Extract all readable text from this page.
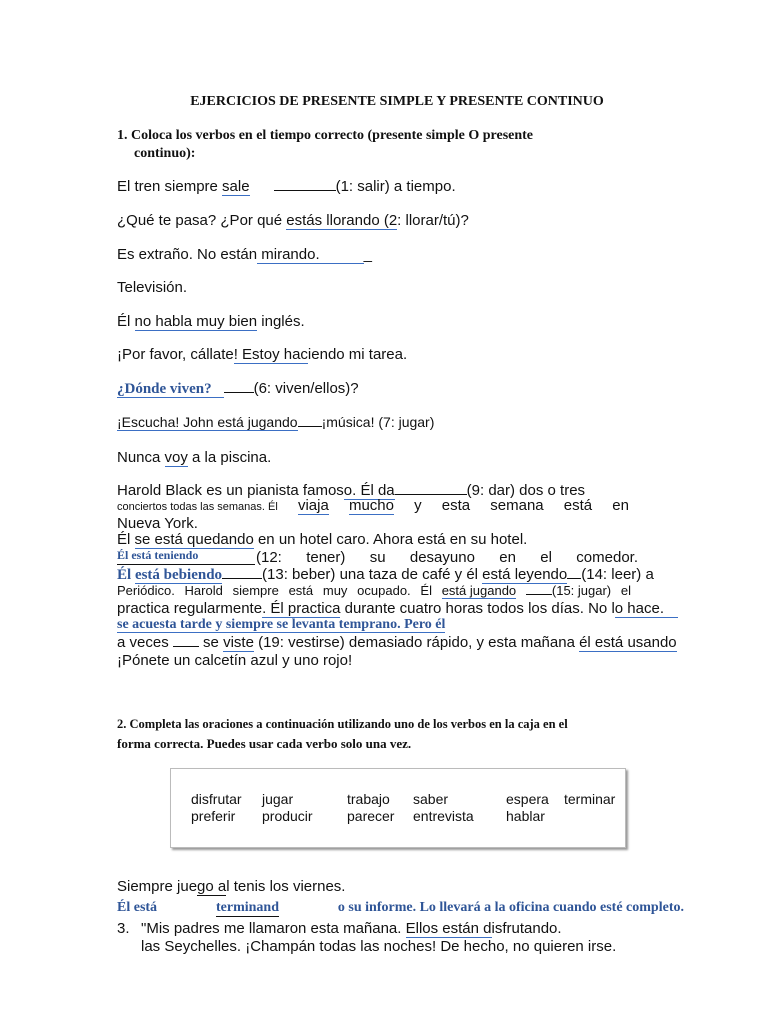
EJERCICIOS DE PRESENTE SIMPLE Y PRESENTE CONTINUO
1. Coloca los verbos en el tiempo correcto (presente simple O presente
continuo):
El tren siempre sale	(1: salir) a tiempo.
¿Qué te pasa? ¿Por qué estás llorando (2: llorar/tú)?
Es extraño. No están mirando.	_
Televisión.
Él no habla muy bien inglés.
¡Por favor, cállate! Estoy haciendo mi tarea.
¿Dónde viven?	(6: viven/ellos)?
¡Escucha! John está jugando ¡música! (7: jugar)
Nunca voy a la piscina.
Harold Black es un pianista famoso. Él da	(9: dar) dos o tres
conciertos todas las semanas. Él viaja mucho y esta semana está en
Nueva York.
Él se está quedando en un hotel caro. Ahora está en su hotel.
Él está teniendo	(12: tener) su desayuno en el comedor.
Él está bebiendo	(13: beber) una taza de café y él está leyendo (14: leer) a
Periódico. Harold siempre está muy ocupado. Él está jugando	(15: jugar) el
practica regularmente. Él practica durante cuatro horas todos los días. No lo hace.
se acuesta tarde y siempre se levanta temprano. Pero él
a veces  se viste (19: vestirse) demasiado rápido, y esta mañana él está usando
¡Pónete un calcetín azul y uno rojo!
2. Completa las oraciones a continuación utilizando uno de los verbos en la caja en el
forma correcta. Puedes usar cada verbo solo una vez.
disfrutar jugar	trabajo saber	espera terminar
preferir producir parecer entrevista hablar
Siempre juego al tenis los viernes.
Él está	terminand	o su informe. Lo llevará a la oficina cuando esté completo.
3. "Mis padres me llamaron esta mañana. Ellos están disfrutando.
las Seychelles. ¡Champán todas las noches! De hecho, no quieren irse.
